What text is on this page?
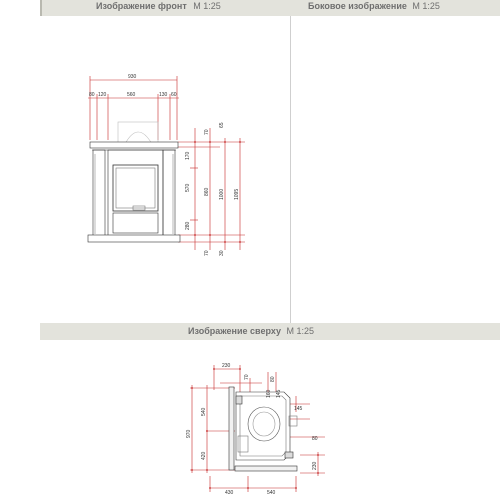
Изображение фронт M 1:25	Боковое изображение M 1:25
Изображение сверху M 1:25
930
80 120	560	130 60
70
65
170
570	860 1000 1095
280
70 30
230
70	80
540
970
420
145
160 145
80
230
430	540
